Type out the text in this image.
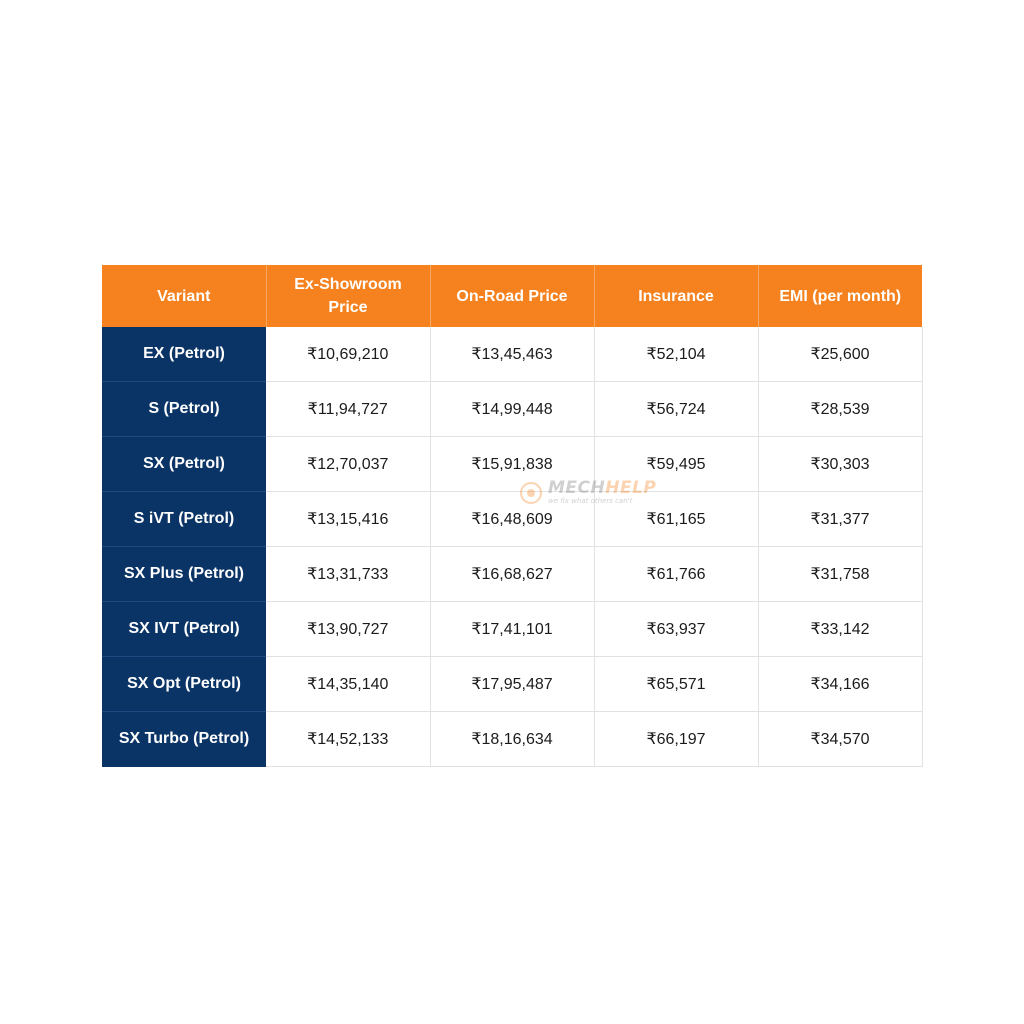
Variant	Ex-Showroom Price	On-Road Price	Insurance	EMI (per month)
EX (Petrol)	₹10,69,210	₹13,45,463	₹52,104	₹25,600
S (Petrol)	₹11,94,727	₹14,99,448	₹56,724	₹28,539
SX (Petrol)	₹12,70,037	₹15,91,838	₹59,495	₹30,303
S iVT (Petrol)	₹13,15,416	₹16,48,609	₹61,165	₹31,377
SX Plus (Petrol)	₹13,31,733	₹16,68,627	₹61,766	₹31,758
SX IVT (Petrol)	₹13,90,727	₹17,41,101	₹63,937	₹33,142
SX Opt (Petrol)	₹14,35,140	₹17,95,487	₹65,571	₹34,166
SX Turbo (Petrol)	₹14,52,133	₹18,16,634	₹66,197	₹34,570
MECHHELP
we fix what others can't
